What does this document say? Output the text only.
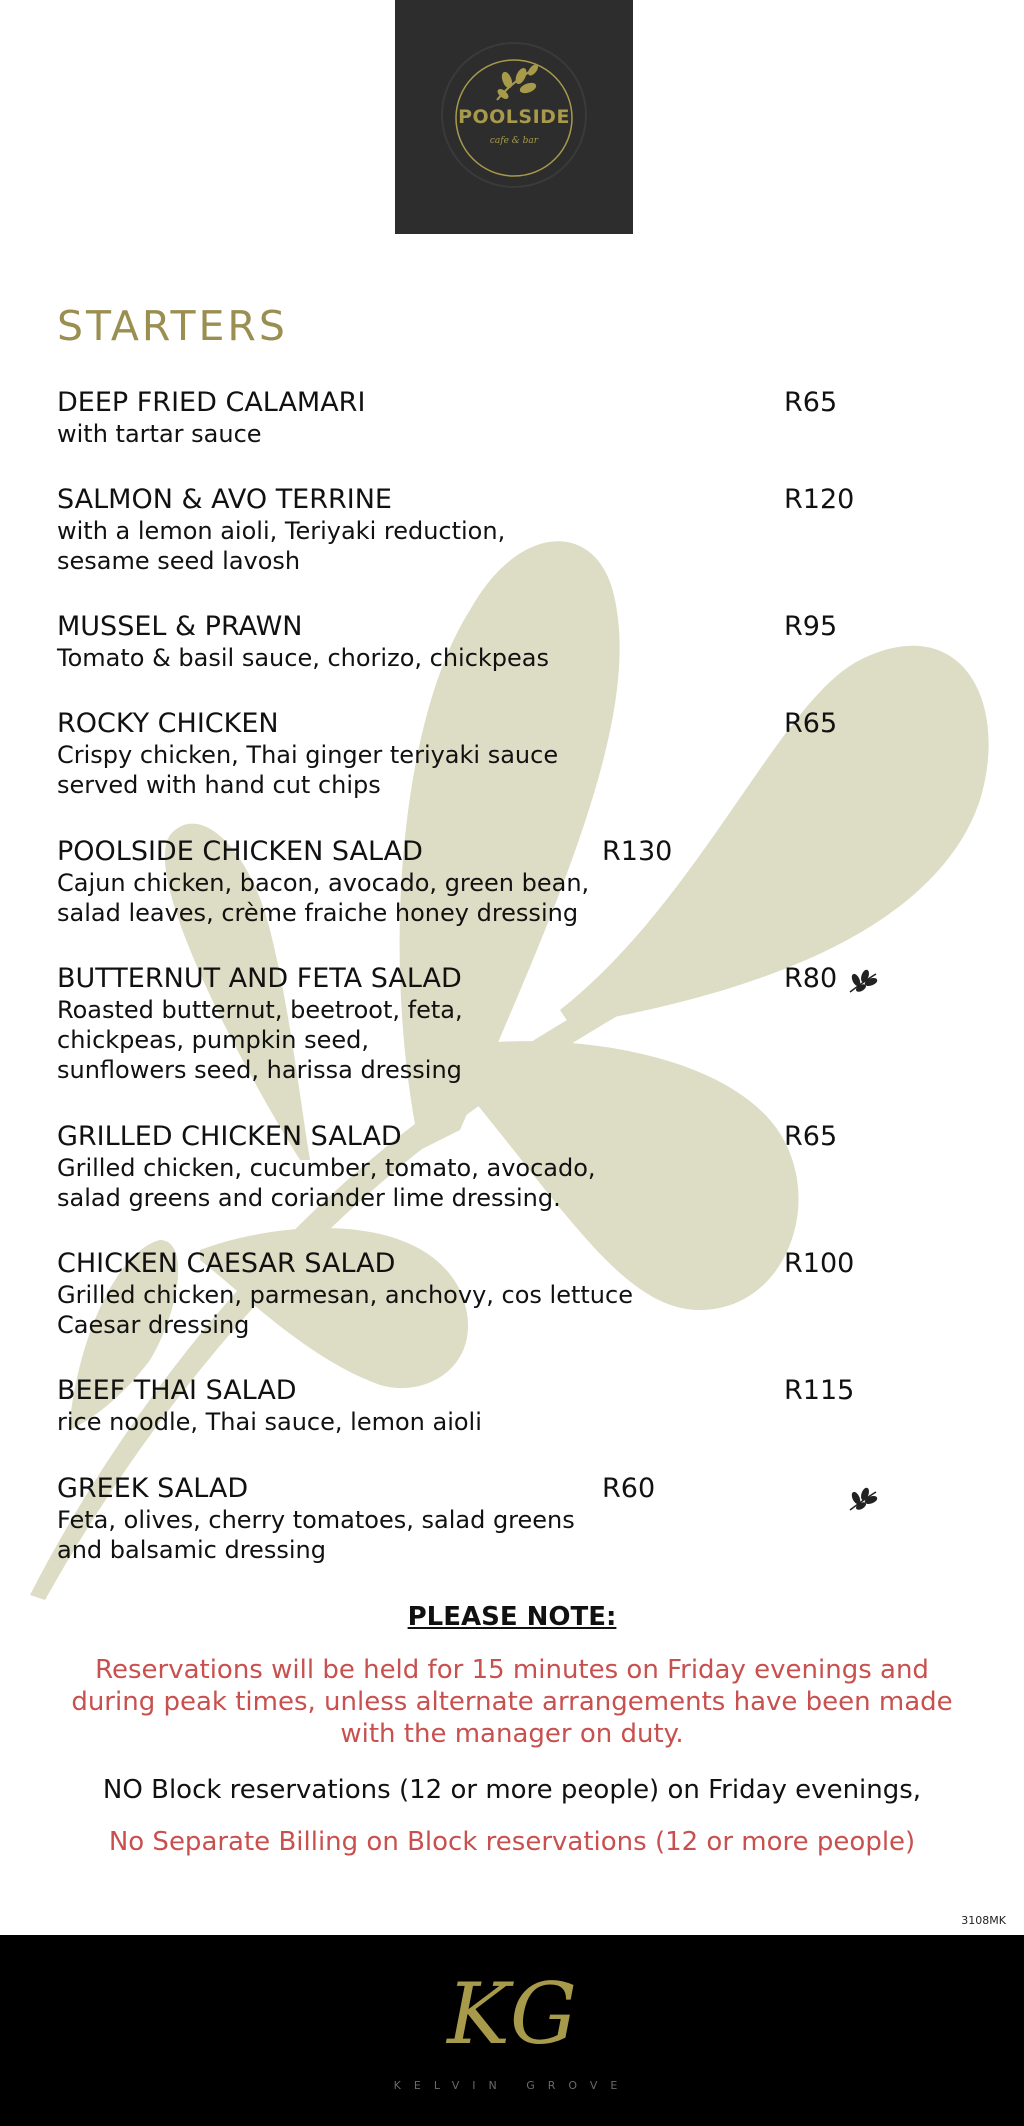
POOLSIDE
cafe & bar
STARTERS
DEEP FRIED CALAMARI
with tartar sauce
R65
SALMON & AVO TERRINE
with a lemon aioli, Teriyaki reduction,
sesame seed lavosh
R120
MUSSEL & PRAWN
Tomato & basil sauce, chorizo, chickpeas
R95
ROCKY CHICKEN
Crispy chicken, Thai ginger teriyaki sauce
served with hand cut chips
R65
POOLSIDE CHICKEN SALAD
Cajun chicken, bacon, avocado, green bean,
salad leaves, crème fraiche honey dressing
R130
BUTTERNUT AND FETA SALAD
Roasted butternut, beetroot, feta,
chickpeas, pumpkin seed,
sunflowers seed, harissa dressing
R80
GRILLED CHICKEN SALAD
Grilled chicken, cucumber, tomato, avocado,
salad greens and coriander lime dressing.
R65
CHICKEN CAESAR SALAD
Grilled chicken, parmesan, anchovy, cos lettuce
Caesar dressing
R100
BEEF THAI SALAD
rice noodle, Thai sauce, lemon aioli
R115
GREEK SALAD
Feta, olives, cherry tomatoes, salad greens
and balsamic dressing
R60
PLEASE NOTE:
Reservations will be held for 15 minutes on Friday evenings and during peak times, unless alternate arrangements have been made with the manager on duty.
NO Block reservations (12 or more people) on Friday evenings,
No Separate Billing on Block reservations (12 or more people)
3108MK
KG
KELVIN GROVE
